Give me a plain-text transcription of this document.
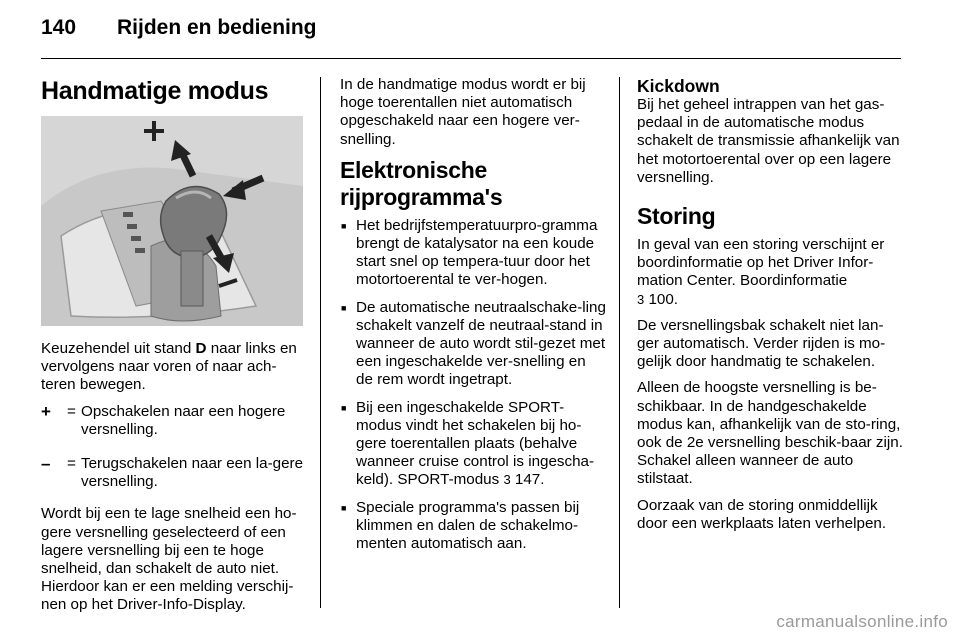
140	Rijden en bediening
Handmatige modus

Keuzehendel uit stand D naar links en vervolgens naar voren of naar ach-teren bewegen.

+	= Opschakelen naar een hogere versnelling.
–	= Terugschakelen naar een la-gere versnelling.

Wordt bij een te lage snelheid een ho-gere versnelling geselecteerd of een lagere versnelling bij een te hoge snelheid, dan schakelt de auto niet. Hierdoor kan er een melding verschij-nen op het Driver-Info-Display.

In de handmatige modus wordt er bij hoge toerentallen niet automatisch opgeschakeld naar een hogere ver-snelling.

Elektronische rijprogramma's
■ Het bedrijfstemperatuurpro-gramma brengt de katalysator na een koude start snel op tempera-tuur door het motortoerental te ver-hogen.
■ De automatische neutraalschake-ling schakelt vanzelf de neutraal-stand in wanneer de auto wordt stil-gezet met een ingeschakelde ver-snelling en de rem wordt ingetrapt.
■ Bij een ingeschakelde SPORT-modus vindt het schakelen bij ho-gere toerentallen plaats (behalve wanneer cruise control is ingescha-keld). SPORT-modus 3 147.
■ Speciale programma's passen bij klimmen en dalen de schakelmo-menten automatisch aan.
Kickdown

Bij het geheel intrappen van het gas-pedaal in de automatische modus schakelt de transmissie afhankelijk van het motortoerental over op een lagere versnelling.

Storing

In geval van een storing verschijnt er boordinformatie op het Driver Infor-mation Center. Boordinformatie
3 100.

De versnellingsbak schakelt niet lan-ger automatisch. Verder rijden is mo-gelijk door handmatig te schakelen.

Alleen de hoogste versnelling is be-schikbaar. In de handgeschakelde modus kan, afhankelijk van de sto-ring, ook de 2e versnelling beschik-baar zijn. Schakel alleen wanneer de auto stilstaat.

Oorzaak van de storing onmiddellijk door een werkplaats laten verhelpen.

carmanualsonline.info
